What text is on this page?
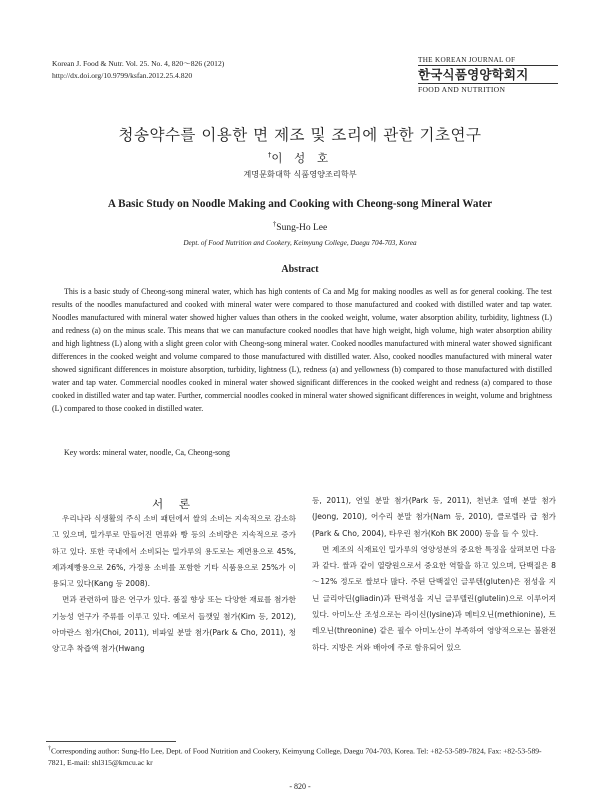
Korean J. Food & Nutr. Vol. 25. No. 4, 820～826 (2012)
http://dx.doi.org/10.9799/ksfan.2012.25.4.820
THE KOREAN JOURNAL OF
한국식품영양학회지
FOOD AND NUTRITION
청송약수를 이용한 면 제조 및 조리에 관한 기초연구
†이 성 호
계명문화대학 식품영양조리학부
A Basic Study on Noodle Making and Cooking with Cheong-song Mineral Water
†Sung-Ho Lee
Dept. of Food Nutrition and Cookery, Keimyung College, Daegu 704-703, Korea
Abstract

This is a basic study of Cheong-song mineral water, which has high contents of Ca and Mg for making noodles as well as for general cooking. The test results of the noodles manufactured and cooked with mineral water were compared to those manufactured and cooked with distilled water and tap water. Noodles manufactured with mineral water showed higher values than others in the cooked weight, volume, water absorption ability, turbidity, lightness (L) and redness (a) on the minus scale. This means that we can manufacture cooked noodles that have high weight, high volume, high water absorption ability and high lightness (L) along with a slight green color with Cheong-song mineral water. Cooked noodles manufactured with mineral water showed significant differences in the cooked weight and volume compared to those manufactured with distilled water. Also, cooked noodles manufactured with mineral water showed significant differences in moisture absorption, turbidity, lightness (L), redness (a) and yellowness (b) compared to those manufactured with distilled water and tap water. Commercial noodles cooked in mineral water showed significant differences in the cooked weight and redness (a) compared to those cooked in distilled water and tap water. Further, commercial noodles cooked in mineral water showed significant differences in weight, volume and brightness (L) compared to those cooked in distilled water.

Key words: mineral water, noodle, Ca, Cheong-song
서 론

우리나라 식생활의 주식 소비 패턴에서 쌀의 소비는 지속적으로 감소하고 있으며, 밀가루로 만들어진 면류와 빵 등의 소비량은 지속적으로 증가하고 있다. 또한 국내에서 소비되는 밀가루의 용도로는 제면용으로 45%, 제과제빵용으로 26%, 가정용 소비를 포함한 기타 식품용으로 25%가 이용되고 있다(Kang 등 2008).

면과 관련하여 많은 연구가 있다. 품질 향상 또는 다양한 재료를 첨가한 기능성 연구가 주류를 이루고 있다. 예로서 들깻잎 첨가(Kim 등, 2012), 아마란스 첨가(Choi, 2011), 비파잎 분말 첨가(Park & Cho, 2011), 청양고추 착즙액 첨가(Hwang

등, 2011), 연잎 분말 첨가(Park 등, 2011), 천년초 열매 분말 첨가(Jeong, 2010), 어수리 분말 첨가(Nam 등, 2010), 클로렐라 급 첨가(Park & Cho, 2004), 타우린 첨가(Koh BK 2000) 등을 들 수 있다.

면 제조의 식재료인 밀가루의 영양성분의 중요한 특징을 살펴보면 다음과 같다. 쌀과 같이 열량원으로서 중요한 역할을 하고 있으며, 단백질은 8～12% 정도로 쌀보다 많다. 주된 단백질인 글루텐(gluten)은 점성을 지닌 글리아딘(gliadin)과 탄력성을 지닌 글루텔린(glutelin)으로 이루어져 있다. 아미노산 조성으로는 라이신(lysine)과 메티오닌(methionine), 트레오닌(threonine) 같은 필수 아미노산이 부족하여 영양적으로는 불완전하다. 지방은 겨와 배아에 주로 함유되어 있으

†Corresponding author: Sung-Ho Lee, Dept. of Food Nutrition and Cookery, Keimyung College, Daegu 704-703, Korea. Tel: +82-53-589-7824, Fax: +82-53-589-7821, E-mail: shl315@kmcu.ac kr
- 820 -
